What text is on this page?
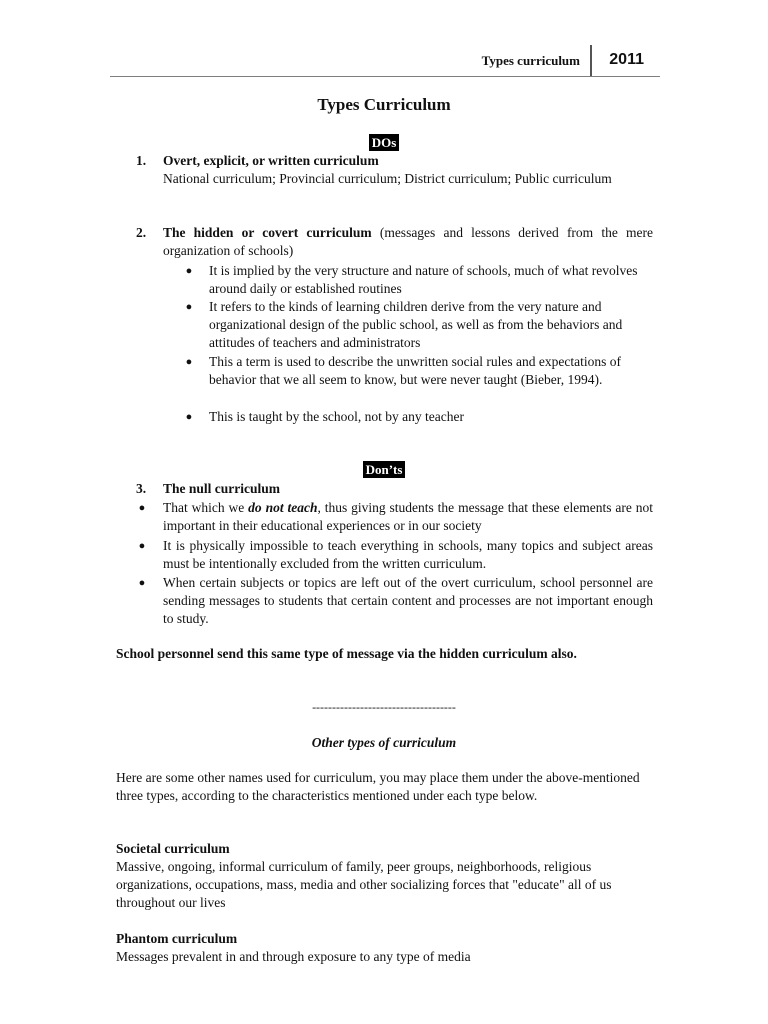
Types curriculum 2011
Types Curriculum
DOs
1. Overt, explicit, or written curriculum
National curriculum; Provincial curriculum; District curriculum; Public curriculum
2. The hidden or covert curriculum (messages and lessons derived from the mere organization of schools)
● It is implied by the very structure and nature of schools, much of what revolves around daily or established routines
● It refers to the kinds of learning children derive from the very nature and organizational design of the public school, as well as from the behaviors and attitudes of teachers and administrators
● This a term is used to describe the unwritten social rules and expectations of behavior that we all seem to know, but were never taught (Bieber, 1994).
● This is taught by the school, not by any teacher
Don’ts
3. The null curriculum
● That which we do not teach, thus giving students the message that these elements are not important in their educational experiences or in our society
● It is physically impossible to teach everything in schools, many topics and subject areas must be intentionally excluded from the written curriculum.
● When certain subjects or topics are left out of the overt curriculum, school personnel are sending messages to students that certain content and processes are not important enough to study.
School personnel send this same type of message via the hidden curriculum also.
------------------------------------
Other types of curriculum
Here are some other names used for curriculum, you may place them under the above-mentioned three types, according to the characteristics mentioned under each type below.
Societal curriculum
Massive, ongoing, informal curriculum of family, peer groups, neighborhoods, religious organizations, occupations, mass, media and other socializing forces that "educate" all of us throughout our lives
Phantom curriculum
Messages prevalent in and through exposure to any type of media
